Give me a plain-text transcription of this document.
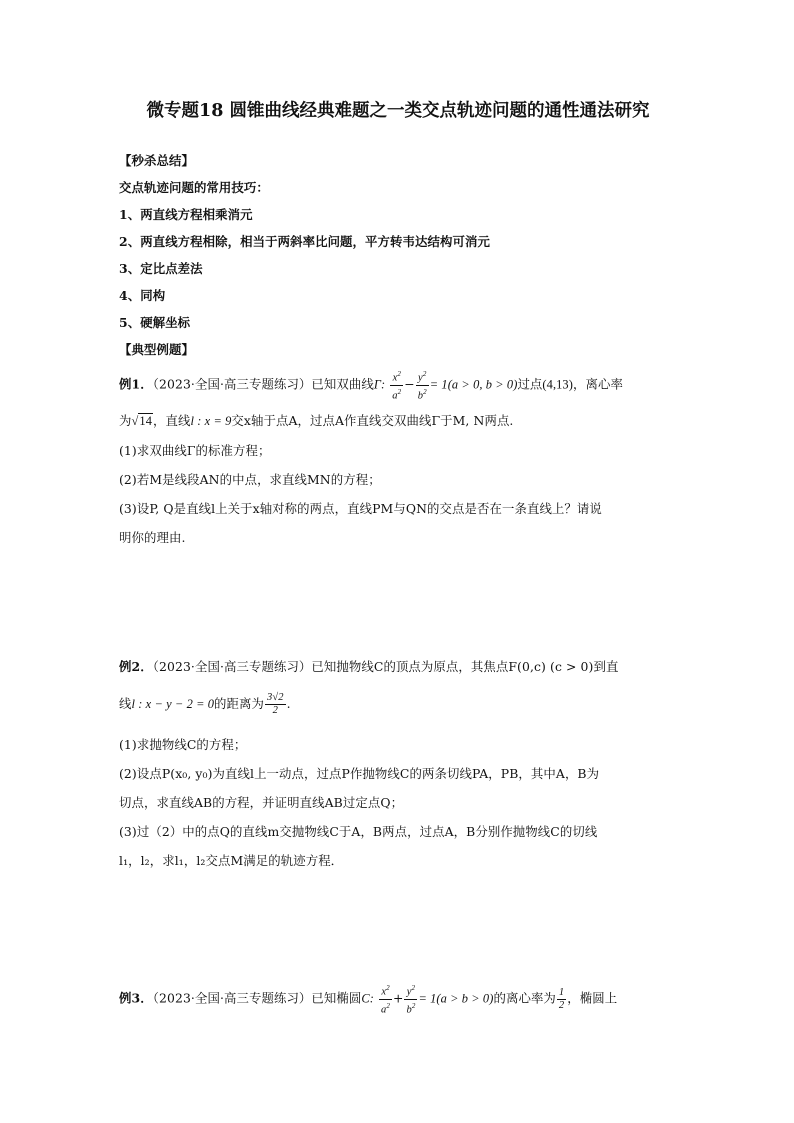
微专题18 圆锥曲线经典难题之一类交点轨迹问题的通性通法研究
【秒杀总结】
交点轨迹问题的常用技巧：
1、两直线方程相乘消元
2、两直线方程相除，相当于两斜率比问题，平方转韦达结构可消元
3、定比点差法
4、同构
5、硬解坐标
【典型例题】
例1．（2023·全国·高三专题练习）已知双曲线Γ: $\frac{x^2}{a^2} - \frac{y^2}{b^2} = 1(a > 0$, b > 0)过点(4,13)，离心率
为√14，直线l : x = 9交x轴于点A，过点A作直线交双曲线Γ于M, N两点.
(1)求双曲线Γ的标准方程；
(2)若M是线段AN的中点，求直线MN的方程；
(3)设P, Q是直线l上关于x轴对称的两点，直线PM与QN的交点是否在一条直线上？请说
明你的理由.
例2．（2023·全国·高三专题练习）已知抛物线C的顶点为原点，其焦点F(0,c) (c > 0)到直
线l : x − y − 2 = 0的距离为 $\frac{3√2}{2}$ .
(1)求抛物线C的方程；
(2)设点P(x₀, y₀)为直线l上一动点，过点P作抛物线C的两条切线PA，PB，其中A，B为
切点，求直线AB的方程，并证明直线AB过定点Q；
(3)过（2）中的点Q的直线m交抛物线C于A，B两点，过点A，B分别作抛物线C的切线
l₁，l₂，求l₁，l₂交点M满足的轨迹方程．
例3．（2023·全国·高三专题练习）已知椭圆C: $\frac{x^2}{a^2} + \frac{y^2}{b^2} = 1(a > b > 0)$的离心率为 $\frac{1}{2}$ ，椭圆上
